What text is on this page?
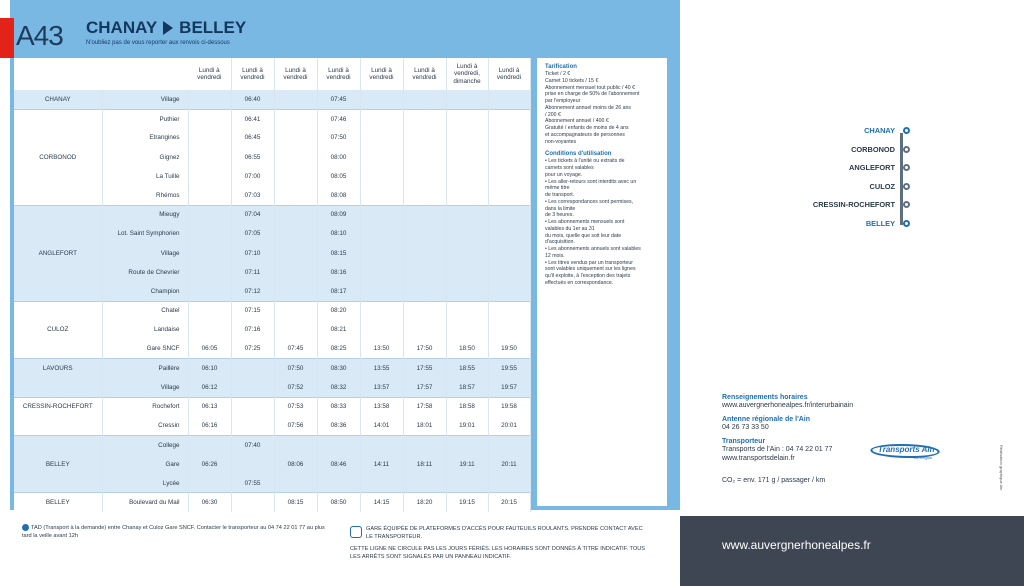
A43 CHANAY BELLEY
N'oubliez pas de vous reporter aux renvois ci-dessous
		Lundi à vendredi	Lundi à vendredi	Lundi à vendredi	Lundi à vendredi	Lundi à vendredi	Lundi à vendredi	Lundi à vendredi, dimanche	Lundi à vendredi
CHANAY	Village		06:40		07:45				
	Puthier		06:41		07:46				
	Etrangines		06:45		07:50				
CORBONOD	Gignez		06:55		08:00				
	La Tuille		07:00		08:05				
	Rhémos		07:03		08:08				
	Mieugy		07:04		08:09				
	Lot. Saint Symphorien		07:05		08:10				
ANGLEFORT	Village		07:10		08:15				
	Route de Chevrier		07:11		08:16				
	Champion		07:12		08:17				
	Chatel		07:15		08:20				
CULOZ	Landaise		07:16		08:21				
	Gare SNCF	06:05	07:25	07:45	08:25	13:50	17:50	18:50	19:50
LAVOURS	Paillère	06:10		07:50	08:30	13:55	17:55	18:55	19:55
	Village	06:12		07:52	08:32	13:57	17:57	18:57	19:57
CRESSIN-ROCHEFORT	Rochefort	06:13		07:53	08:33	13:58	17:58	18:58	19:58
	Cressin	06:16		07:56	08:36	14:01	18:01	19:01	20:01
	College		07:40						
BELLEY	Gare	06:26		08:06	08:46	14:11	18:11	19:11	20:11
	Lycée		07:55						
BELLEY	Boulevard du Mail	06:30		08:15	08:50	14:15	18:20	19:15	20:15
Tarification
Ticket / 2 €
Carnet 10 tickets / 15 €
Abonnement mensuel tout public / 40 €
prise en charge de 50% de l'abonnement
par l'employeur
Abonnement annuel moins de 26 ans
/ 200 €
Abonnement annuel / 400 €
Gratuité / enfants de moins de 4 ans
et accompagnateurs de personnes
non-voyantes
Conditions d'utilisation
• Les tickets à l'unité ou extraits de
carnets sont valables
pour un voyage.
• Les aller-retours sont interdits avec un
même titre
de transport.
• Les correspondances sont permises,
dans la limite
de 3 heures.
• Les abonnements mensuels sont
valables du 1er au 31
du mois, quelle que soit leur date
d'acquisition.
• Les abonnements annuels sont valables
12 mois.
• Les titres vendus par un transporteur
sont valables uniquement sur les lignes
qu'il exploite, à l'exception des trajets
effectués en correspondance.
TAD (Transport à la demande) entre Chanay et Culoz Gare SNCF. Contacter le transporteur au 04 74 22 01 77 au plus tard la veille avant 12h
GARE ÉQUIPÉE DE PLATEFORMES D'ACCÈS POUR FAUTEUILS ROULANTS. PRENDRE CONTACT AVEC LE TRANSPORTEUR.
CETTE LIGNE NE CIRCULE PAS LES JOURS FÉRIÉS. LES HORAIRES SONT DONNÉS À TITRE INDICATIF. TOUS LES ARRÊTS SONT SIGNALÉS PAR UN PANNEAU INDICATIF.
CHANAY
CORBONOD
ANGLEFORT
CULOZ
CRESSIN-ROCHEFORT
BELLEY
Renseignements horaires
www.auvergnerhonealpes.fr/interurbainain
Antenne régionale de l'Ain
04 26 73 33 50
Transporteur
Transports de l'Ain : 04 74 22 01 77
www.transportsdelain.fr
Transports Ain
La Région
CO₂ = env. 171 g / passager / km	Réalisation graphique Ain
www.auvergnerhonealpes.fr
